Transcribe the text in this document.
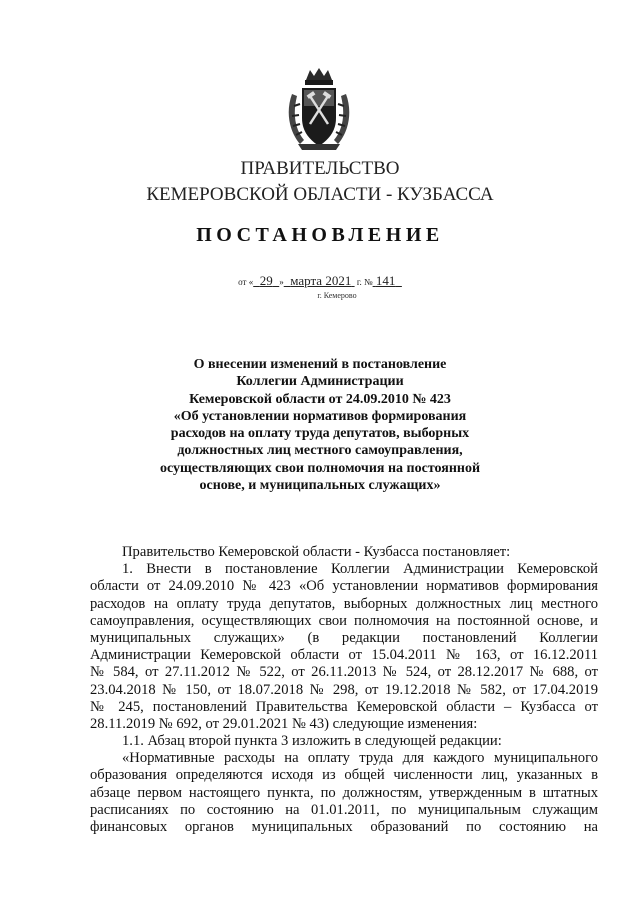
ПРАВИТЕЛЬСТВО
КЕМЕРОВСКОЙ ОБЛАСТИ - КУЗБАССА
ПОСТАНОВЛЕНИЕ
от « 29 » марта 2021 г. № 141
г. Кемерово
О внесении изменений в постановление
Коллегии Администрации
Кемеровской области от 24.09.2010 № 423
«Об установлении нормативов формирования
расходов на оплату труда депутатов, выборных
должностных лиц местного самоуправления,
осуществляющих свои полномочия на постоянной
основе, и муниципальных служащих»
Правительство Кемеровской области - Кузбасса постановляет:
1. Внести в постановление Коллегии Администрации Кемеровской
области от 24.09.2010 № 423 «Об установлении нормативов формирования
расходов на оплату труда депутатов, выборных должностных лиц местного
самоуправления, осуществляющих свои полномочия на постоянной основе, и
муниципальных служащих» (в редакции постановлений Коллегии
Администрации Кемеровской области от 15.04.2011 № 163, от 16.12.2011
№ 584, от 27.11.2012 № 522, от 26.11.2013 № 524, от 28.12.2017 № 688, от
23.04.2018 № 150, от 18.07.2018 № 298, от 19.12.2018 № 582, от 17.04.2019
№ 245, постановлений Правительства Кемеровской области – Кузбасса от
28.11.2019 № 692, от 29.01.2021 № 43) следующие изменения:
1.1. Абзац второй пункта 3 изложить в следующей редакции:
«Нормативные расходы на оплату труда для каждого муниципального
образования определяются исходя из общей численности лиц, указанных в
абзаце первом настоящего пункта, по должностям, утвержденным в штатных
расписаниях по состоянию на 01.01.2011, по муниципальным служащим
финансовых органов муниципальных образований по состоянию на
